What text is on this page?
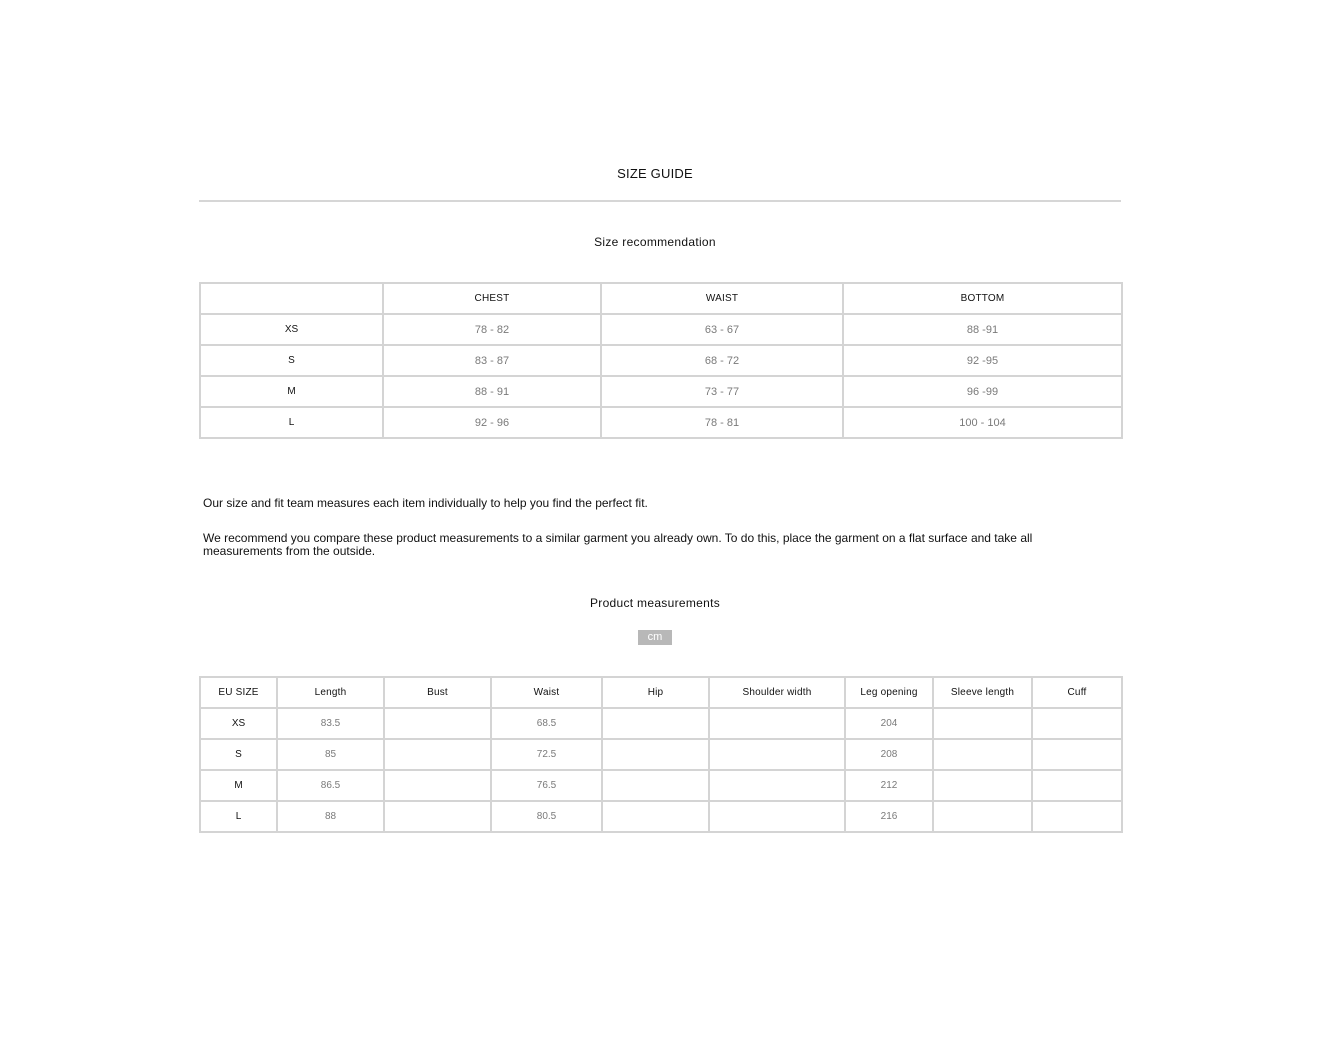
SIZE GUIDE
Size recommendation
	CHEST	WAIST	BOTTOM
XS	78 - 82	63 - 67	88 -91
S	83 - 87	68 - 72	92 -95
M	88 - 91	73 - 77	96 -99
L	92 - 96	78 - 81	100 - 104
Our size and fit team measures each item individually to help you find the perfect fit.
We recommend you compare these product measurements to a similar garment you already own. To do this, place the garment on a flat surface and take all measurements from the outside.
Product measurements
cm
EU SIZE	Length	Bust	Waist	Hip	Shoulder width	Leg opening	Sleeve length	Cuff
XS	83.5		68.5			204		
S	85		72.5			208		
M	86.5		76.5			212		
L	88		80.5			216		
